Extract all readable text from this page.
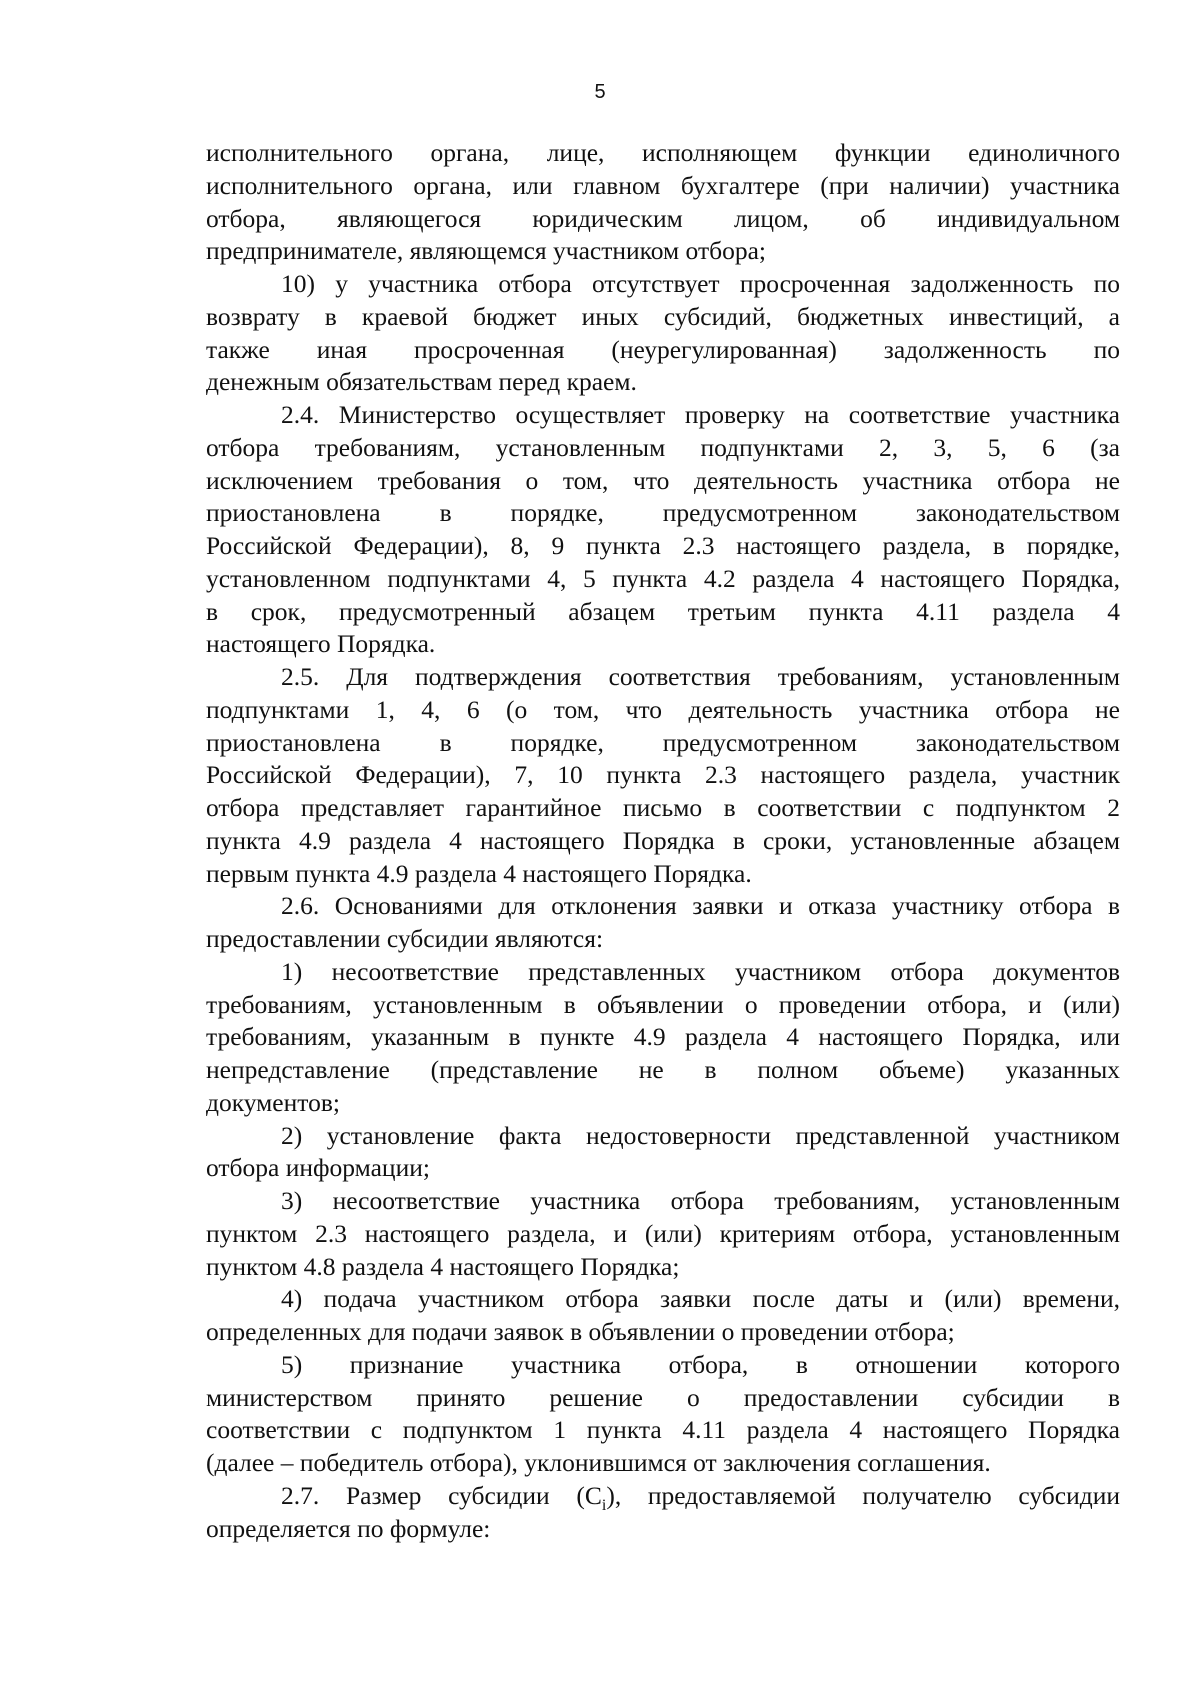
5
исполнительного органа, лице, исполняющем функции единоличного
исполнительного органа, или главном бухгалтере (при наличии) участника
отбора, являющегося юридическим лицом, об индивидуальном
предпринимателе, являющемся участником отбора;
10) у участника отбора отсутствует просроченная задолженность по
возврату в краевой бюджет иных субсидий, бюджетных инвестиций, а
также иная просроченная (неурегулированная) задолженность по
денежным обязательствам перед краем.
2.4. Министерство осуществляет проверку на соответствие участника
отбора требованиям, установленным подпунктами 2, 3, 5, 6 (за
исключением требования о том, что деятельность участника отбора не
приостановлена в порядке, предусмотренном законодательством
Российской Федерации), 8, 9 пункта 2.3 настоящего раздела, в порядке,
установленном подпунктами 4, 5 пункта 4.2 раздела 4 настоящего Порядка,
в срок, предусмотренный абзацем третьим пункта 4.11 раздела 4
настоящего Порядка.
2.5. Для подтверждения соответствия требованиям, установленным
подпунктами 1, 4, 6 (о том, что деятельность участника отбора не
приостановлена в порядке, предусмотренном законодательством
Российской Федерации), 7, 10 пункта 2.3 настоящего раздела, участник
отбора представляет гарантийное письмо в соответствии с подпунктом 2
пункта 4.9 раздела 4 настоящего Порядка в сроки, установленные абзацем
первым пункта 4.9 раздела 4 настоящего Порядка.
2.6. Основаниями для отклонения заявки и отказа участнику отбора в
предоставлении субсидии являются:
1) несоответствие представленных участником отбора документов
требованиям, установленным в объявлении о проведении отбора, и (или)
требованиям, указанным в пункте 4.9 раздела 4 настоящего Порядка, или
непредставление (представление не в полном объеме) указанных
документов;
2) установление факта недостоверности представленной участником
отбора информации;
3) несоответствие участника отбора требованиям, установленным
пунктом 2.3 настоящего раздела, и (или) критериям отбора, установленным
пунктом 4.8 раздела 4 настоящего Порядка;
4) подача участником отбора заявки после даты и (или) времени,
определенных для подачи заявок в объявлении о проведении отбора;
5) признание участника отбора, в отношении которого
министерством принято решение о предоставлении субсидии в
соответствии с подпунктом 1 пункта 4.11 раздела 4 настоящего Порядка
(далее – победитель отбора), уклонившимся от заключения соглашения.
2.7. Размер субсидии $(С_i)$, предоставляемой получателю субсидии
определяется по формуле:
